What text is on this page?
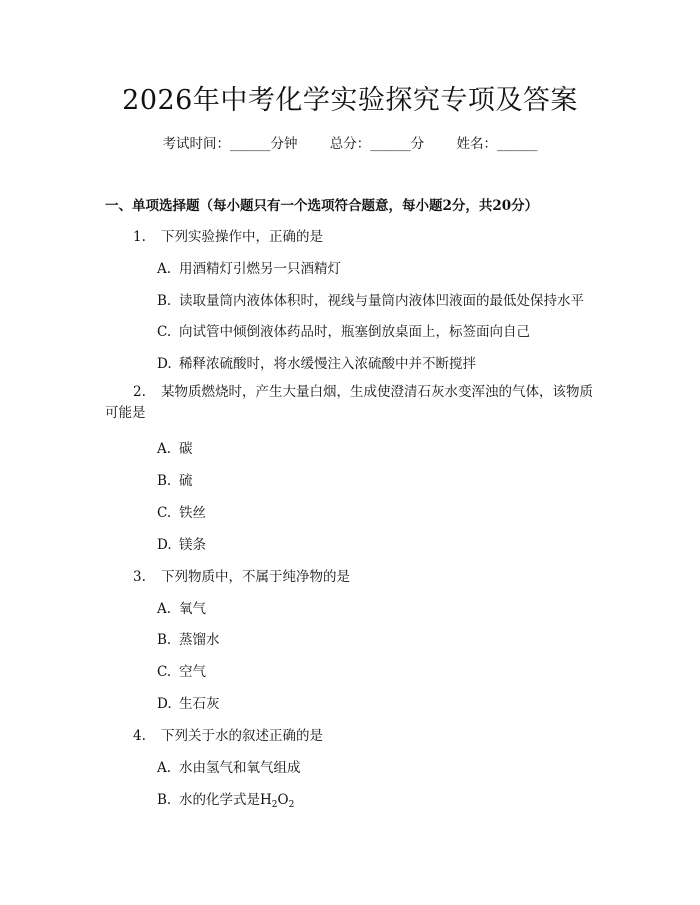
2026年中考化学实验探究专项及答案
考试时间：______分钟 总分：______分 姓名：______
一、单项选择题（每小题只有一个选项符合题意，每小题2分，共20分）
1. 下列实验操作中，正确的是
A. 用酒精灯引燃另一只酒精灯
B. 读取量筒内液体体积时，视线与量筒内液体凹液面的最低处保持水平
C. 向试管中倾倒液体药品时，瓶塞倒放桌面上，标签面向自己
D. 稀释浓硫酸时，将水缓慢注入浓硫酸中并不断搅拌
2. 某物质燃烧时，产生大量白烟，生成使澄清石灰水变浑浊的气体，该物质可能是
A. 碳
B. 硫
C. 铁丝
D. 镁条
3. 下列物质中，不属于纯净物的是
A. 氧气
B. 蒸馏水
C. 空气
D. 生石灰
4. 下列关于水的叙述正确的是
A. 水由氢气和氧气组成
B. 水的化学式是$H_2O_2$
